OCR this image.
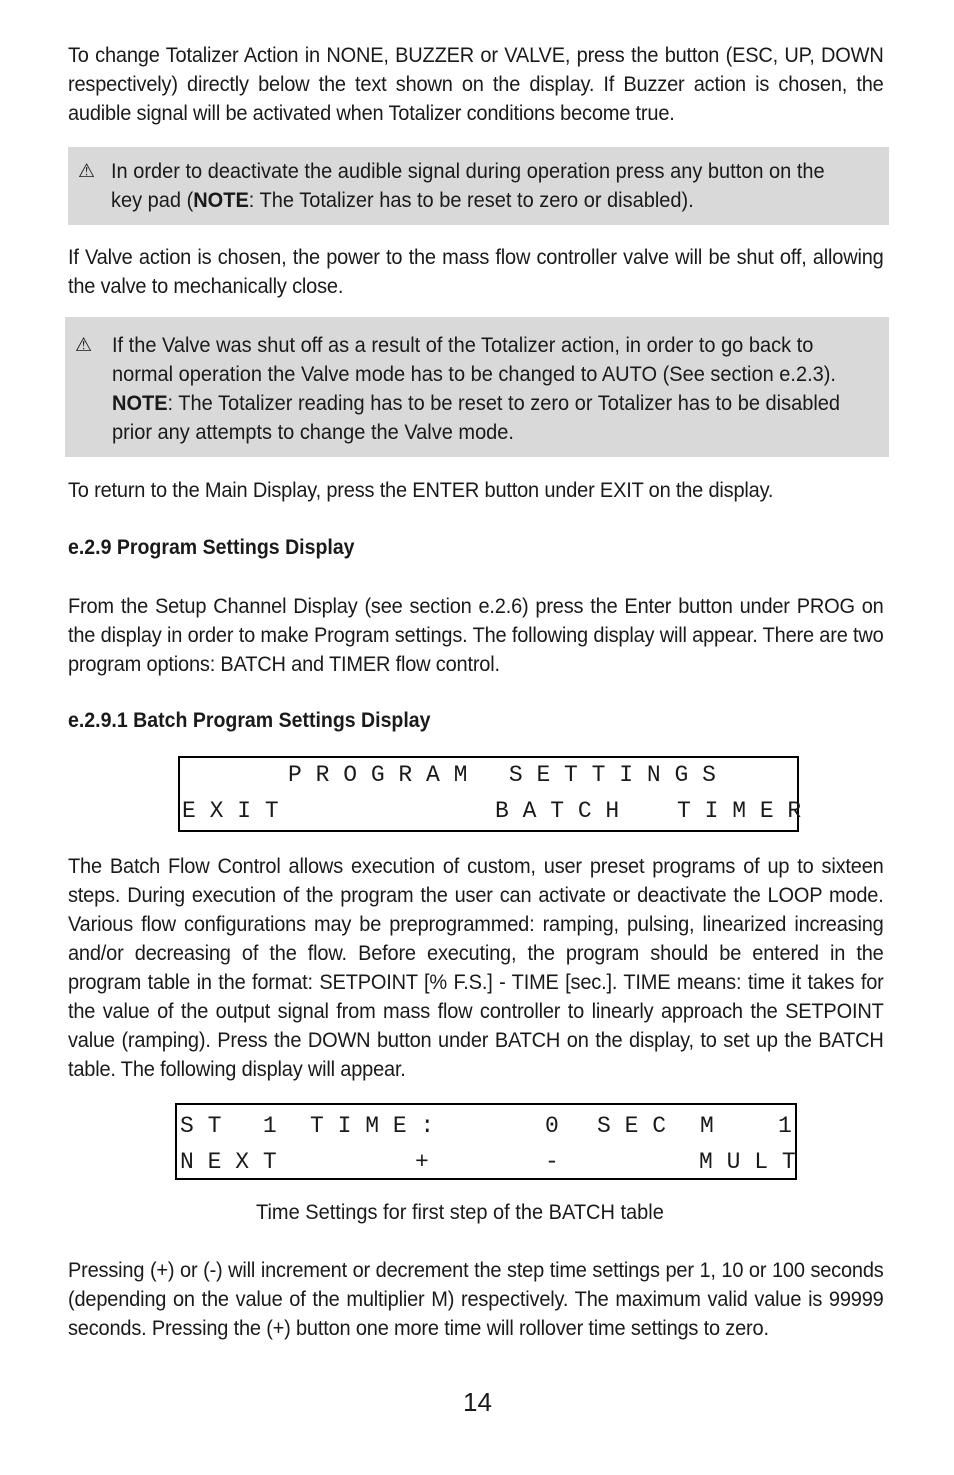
To change Totalizer Action in NONE, BUZZER or VALVE, press the button (ESC, UP, DOWN respectively) directly below the text shown on the display. If Buzzer action is chosen, the audible signal will be activated when Totalizer conditions become true.

⚠ In order to deactivate the audible signal during operation press any button on the key pad (NOTE: The Totalizer has to be reset to zero or disabled).

If Valve action is chosen, the power to the mass flow controller valve will be shut off, allowing the valve to mechanically close.

⚠ If the Valve was shut off as a result of the Totalizer action, in order to go back to normal operation the Valve mode has to be changed to AUTO (See section e.2.3). NOTE: The Totalizer reading has to be reset to zero or Totalizer has to be disabled prior any attempts to change the Valve mode.

To return to the Main Display, press the ENTER button under EXIT on the display.

e.2.9 Program Settings Display

From the Setup Channel Display (see section e.2.6) press the Enter button under PROG on the display in order to make Program settings. The following display will appear. There are two program options: BATCH and TIMER flow control.

e.2.9.1 Batch Program Settings Display
P R O G R A M   S E T T I N G S
E X I T	B A T C H	T I M E R

The Batch Flow Control allows execution of custom, user preset programs of up to sixteen steps. During execution of the program the user can activate or deactivate the LOOP mode. Various flow configurations may be preprogrammed: ramping, pulsing, linearized increasing and/or decreasing of the flow. Before executing, the program should be entered in the program table in the format: SETPOINT [% F.S.] - TIME [sec.]. TIME means: time it takes for the value of the output signal from mass flow controller to linearly approach the SETPOINT value (ramping). Press the DOWN button under BATCH on the display, to set up the BATCH table. The following display will appear.

S T   1 T I M E :	0 S E C M	1
N E X T	+	-	M U L T

Time Settings for first step of the BATCH table

Pressing (+) or (-) will increment or decrement the step time settings per 1, 10 or 100 seconds (depending on the value of the multiplier M) respectively. The maximum valid value is 99999 seconds. Pressing the (+) button one more time will rollover time settings to zero.

14
